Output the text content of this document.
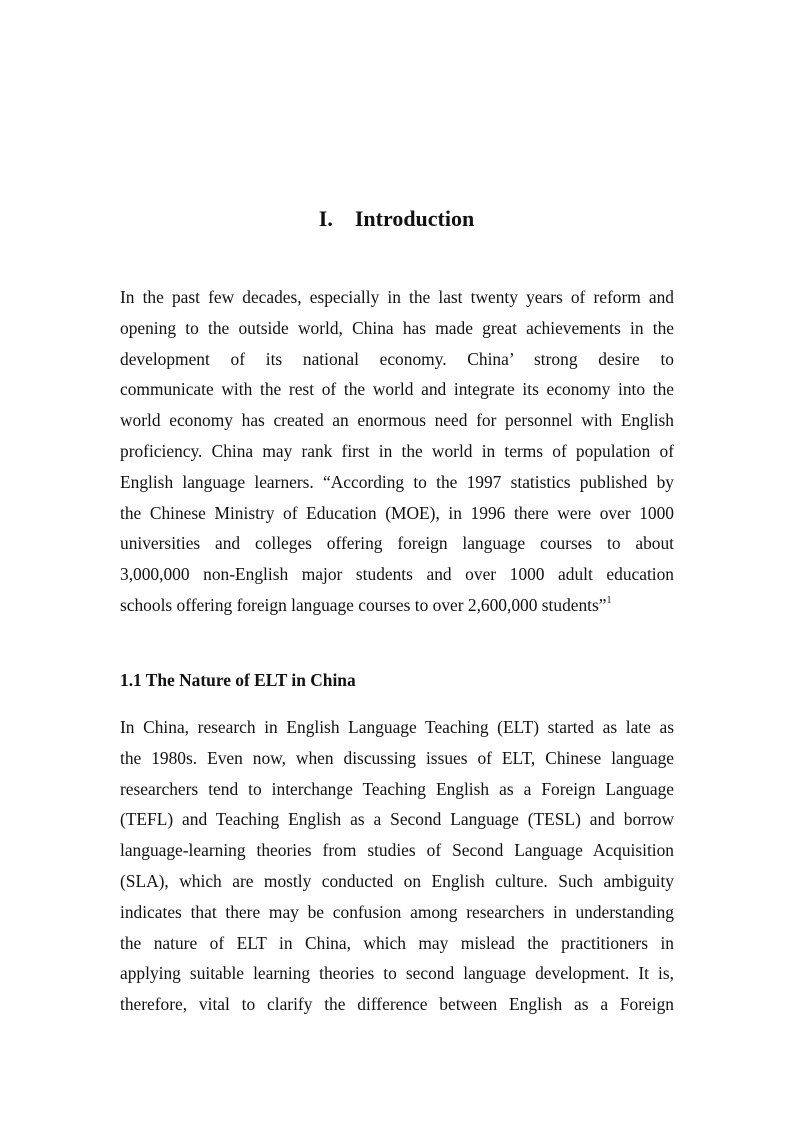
I. Introduction

In the past few decades, especially in the last twenty years of reform and
opening to the outside world, China has made great achievements in the
development of its national economy. China’ strong desire to
communicate with the rest of the world and integrate its economy into the
world economy has created an enormous need for personnel with English
proficiency. China may rank first in the world in terms of population of
English language learners. “According to the 1997 statistics published by
the Chinese Ministry of Education (MOE), in 1996 there were over 1000
universities and colleges offering foreign language courses to about
3,000,000 non-English major students and over 1000 adult education
schools offering foreign language courses to over 2,600,000 students”$^1$

1.1 The Nature of ELT in China

In China, research in English Language Teaching (ELT) started as late as
the 1980s. Even now, when discussing issues of ELT, Chinese language
researchers tend to interchange Teaching English as a Foreign Language
(TEFL) and Teaching English as a Second Language (TESL) and borrow
language-learning theories from studies of Second Language Acquisition
(SLA), which are mostly conducted on English culture. Such ambiguity
indicates that there may be confusion among researchers in understanding
the nature of ELT in China, which may mislead the practitioners in
applying suitable learning theories to second language development. It is,
therefore, vital to clarify the difference between English as a Foreign
